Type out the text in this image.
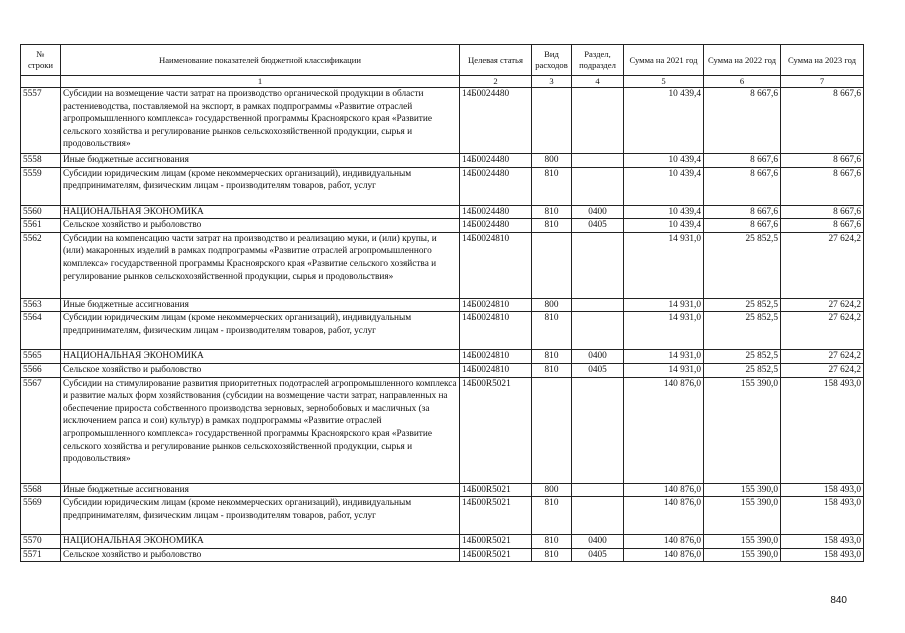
№ строки	Наименование показателей бюджетной классификации	Целевая статья	Вид расходов	Раздел, подраздел	Сумма на 2021 год	Сумма на 2022 год	Сумма на 2023 год
	1	2	3	4	5	6	7
5557	Субсидии на возмещение части затрат на производство органической продукции в области растениеводства, поставляемой на экспорт, в рамках подпрограммы «Развитие отраслей агропромышленного комплекса» государственной программы Красноярского края «Развитие сельского хозяйства и регулирование рынков сельскохозяйственной продукции, сырья и продовольствия»	14Б0024480			10 439,4	8 667,6	8 667,6
5558	Иные бюджетные ассигнования	14Б0024480	800		10 439,4	8 667,6	8 667,6
5559	Субсидии юридическим лицам (кроме некоммерческих организаций), индивидуальным предпринимателям, физическим лицам - производителям товаров, работ, услуг	14Б0024480	810		10 439,4	8 667,6	8 667,6
5560	НАЦИОНАЛЬНАЯ ЭКОНОМИКА	14Б0024480	810	0400	10 439,4	8 667,6	8 667,6
5561	Сельское хозяйство и рыболовство	14Б0024480	810	0405	10 439,4	8 667,6	8 667,6
5562	Субсидии на компенсацию части затрат на производство и реализацию муки, и (или) крупы, и (или) макаронных изделий в рамках подпрограммы «Развитие отраслей агропромышленного комплекса» государственной программы Красноярского края «Развитие сельского хозяйства и регулирование рынков сельскохозяйственной продукции, сырья и продовольствия»	14Б0024810			14 931,0	25 852,5	27 624,2
5563	Иные бюджетные ассигнования	14Б0024810	800		14 931,0	25 852,5	27 624,2
5564	Субсидии юридическим лицам (кроме некоммерческих организаций), индивидуальным предпринимателям, физическим лицам - производителям товаров, работ, услуг	14Б0024810	810		14 931,0	25 852,5	27 624,2
5565	НАЦИОНАЛЬНАЯ ЭКОНОМИКА	14Б0024810	810	0400	14 931,0	25 852,5	27 624,2
5566	Сельское хозяйство и рыболовство	14Б0024810	810	0405	14 931,0	25 852,5	27 624,2
5567	Субсидии на стимулирование развития приоритетных подотраслей агропромышленного комплекса и развитие малых форм хозяйствования (субсидии на возмещение части затрат, направленных на обеспечение прироста собственного производства зерновых, зернобобовых и масличных (за исключением рапса и сои) культур) в рамках подпрограммы «Развитие отраслей агропромышленного комплекса» государственной программы Красноярского края «Развитие сельского хозяйства и регулирование рынков сельскохозяйственной продукции, сырья и продовольствия»	14Б00R5021			140 876,0	155 390,0	158 493,0
5568	Иные бюджетные ассигнования	14Б00R5021	800		140 876,0	155 390,0	158 493,0
5569	Субсидии юридическим лицам (кроме некоммерческих организаций), индивидуальным предпринимателям, физическим лицам - производителям товаров, работ, услуг	14Б00R5021	810		140 876,0	155 390,0	158 493,0
5570	НАЦИОНАЛЬНАЯ ЭКОНОМИКА	14Б00R5021	810	0400	140 876,0	155 390,0	158 493,0
5571	Сельское хозяйство и рыболовство	14Б00R5021	810	0405	140 876,0	155 390,0	158 493,0
840
